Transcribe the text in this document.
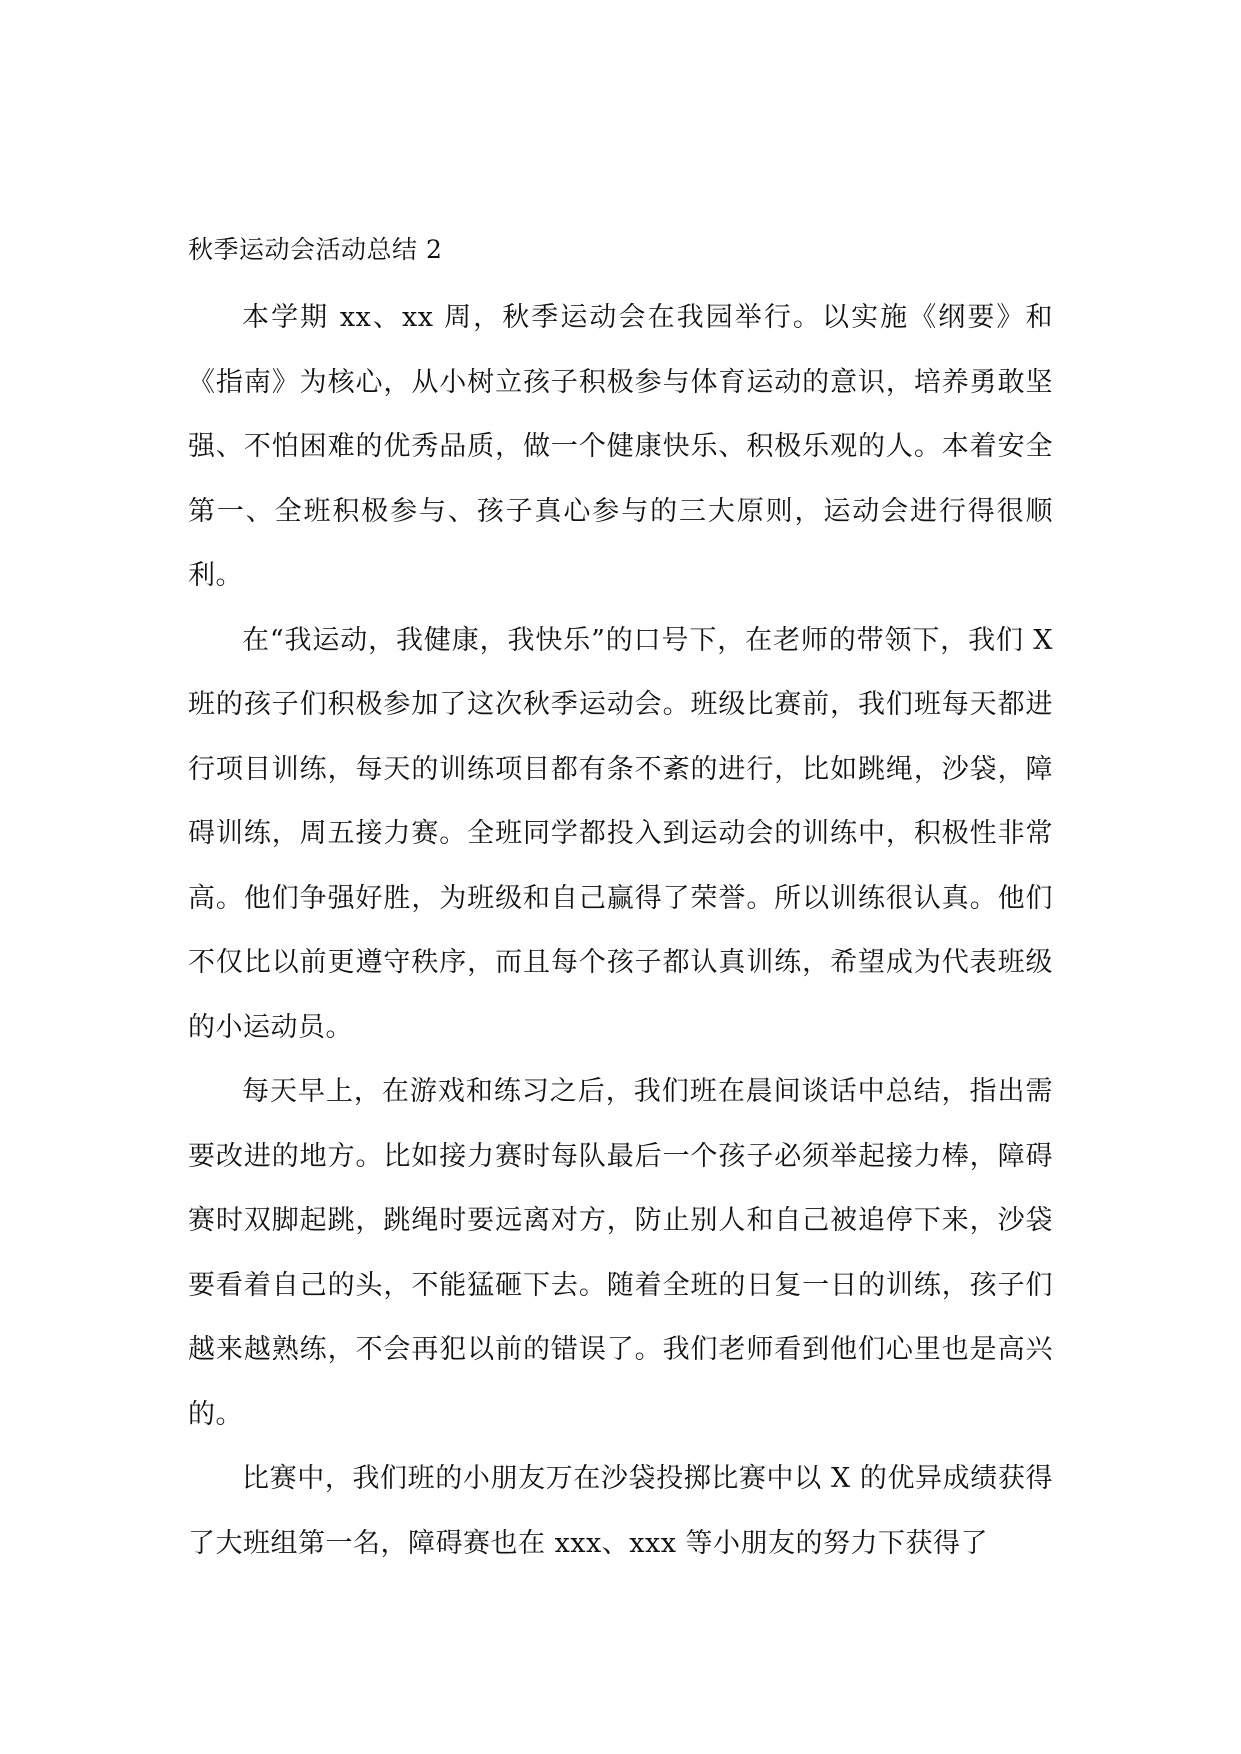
秋季运动会活动总结 2

本学期 xx、xx 周，秋季运动会在我园举行。以实施《纲要》和《指南》为核心，从小树立孩子积极参与体育运动的意识，培养勇敢坚强、不怕困难的优秀品质，做一个健康快乐、积极乐观的人。本着安全第一、全班积极参与、孩子真心参与的三大原则，运动会进行得很顺利。

在“我运动，我健康，我快乐”的口号下，在老师的带领下，我们 X 班的孩子们积极参加了这次秋季运动会。班级比赛前，我们班每天都进行项目训练，每天的训练项目都有条不紊的进行，比如跳绳，沙袋，障碍训练，周五接力赛。全班同学都投入到运动会的训练中，积极性非常高。他们争强好胜，为班级和自己赢得了荣誉。所以训练很认真。他们不仅比以前更遵守秩序，而且每个孩子都认真训练，希望成为代表班级的小运动员。

每天早上，在游戏和练习之后，我们班在晨间谈话中总结，指出需要改进的地方。比如接力赛时每队最后一个孩子必须举起接力棒，障碍赛时双脚起跳，跳绳时要远离对方，防止别人和自己被追停下来，沙袋要看着自己的头，不能猛砸下去。随着全班的日复一日的训练，孩子们越来越熟练，不会再犯以前的错误了。我们老师看到他们心里也是高兴的。

比赛中，我们班的小朋友万在沙袋投掷比赛中以 X 的优异成绩获得了大班组第一名，障碍赛也在 xxx、xxx 等小朋友的努力下获得了
